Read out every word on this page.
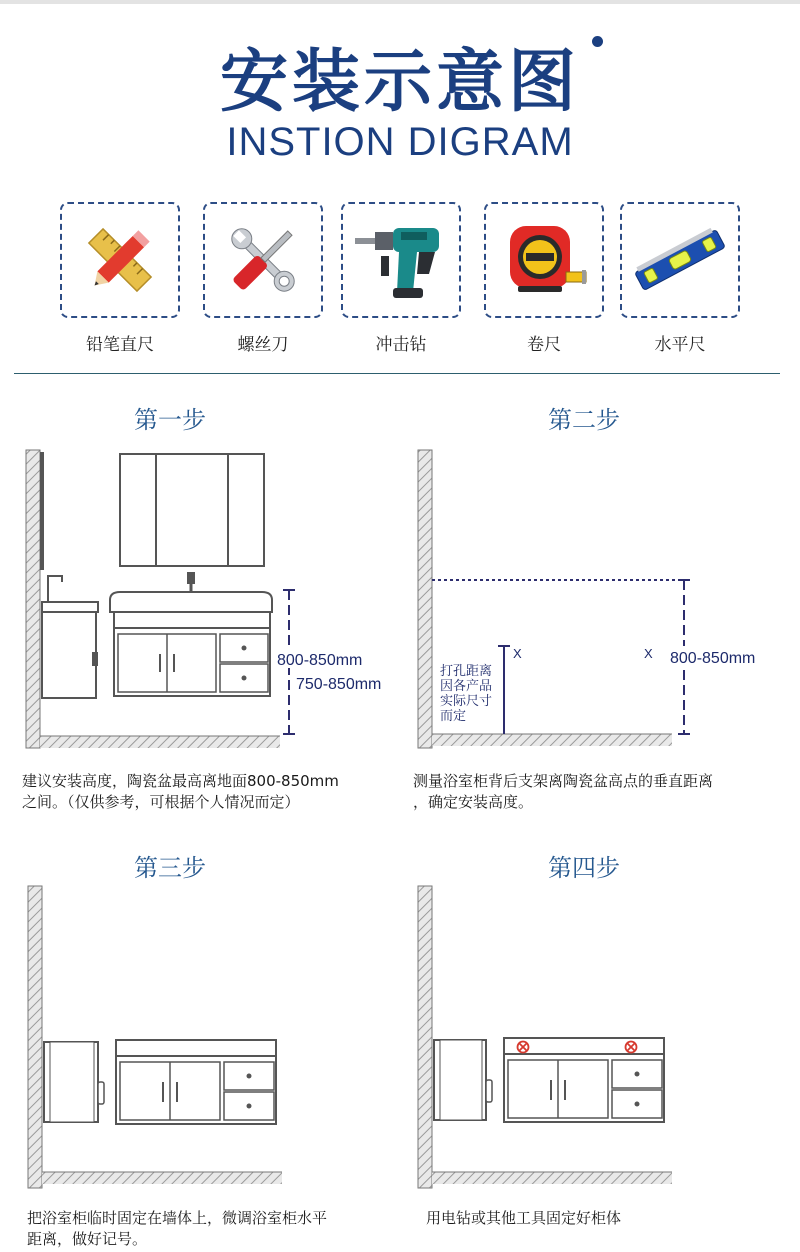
安装示意图
INSTION DIGRAM
铅笔直尺	螺丝刀	冲击钻	卷尺	水平尺
第一步
800-850mm
750-850mm
建议安装高度，陶瓷盆最高离地面800-850mm
之间。（仅供参考，可根据个人情况而定）
第二步
X	X 800-850mm
打孔距离
因各产品
实际尺寸
而定
测量浴室柜背后支架离陶瓷盆高点的垂直距离
，确定安装高度。
第三步
把浴室柜临时固定在墙体上，微调浴室柜水平
距离，做好记号。
第四步
用电钻或其他工具固定好柜体
